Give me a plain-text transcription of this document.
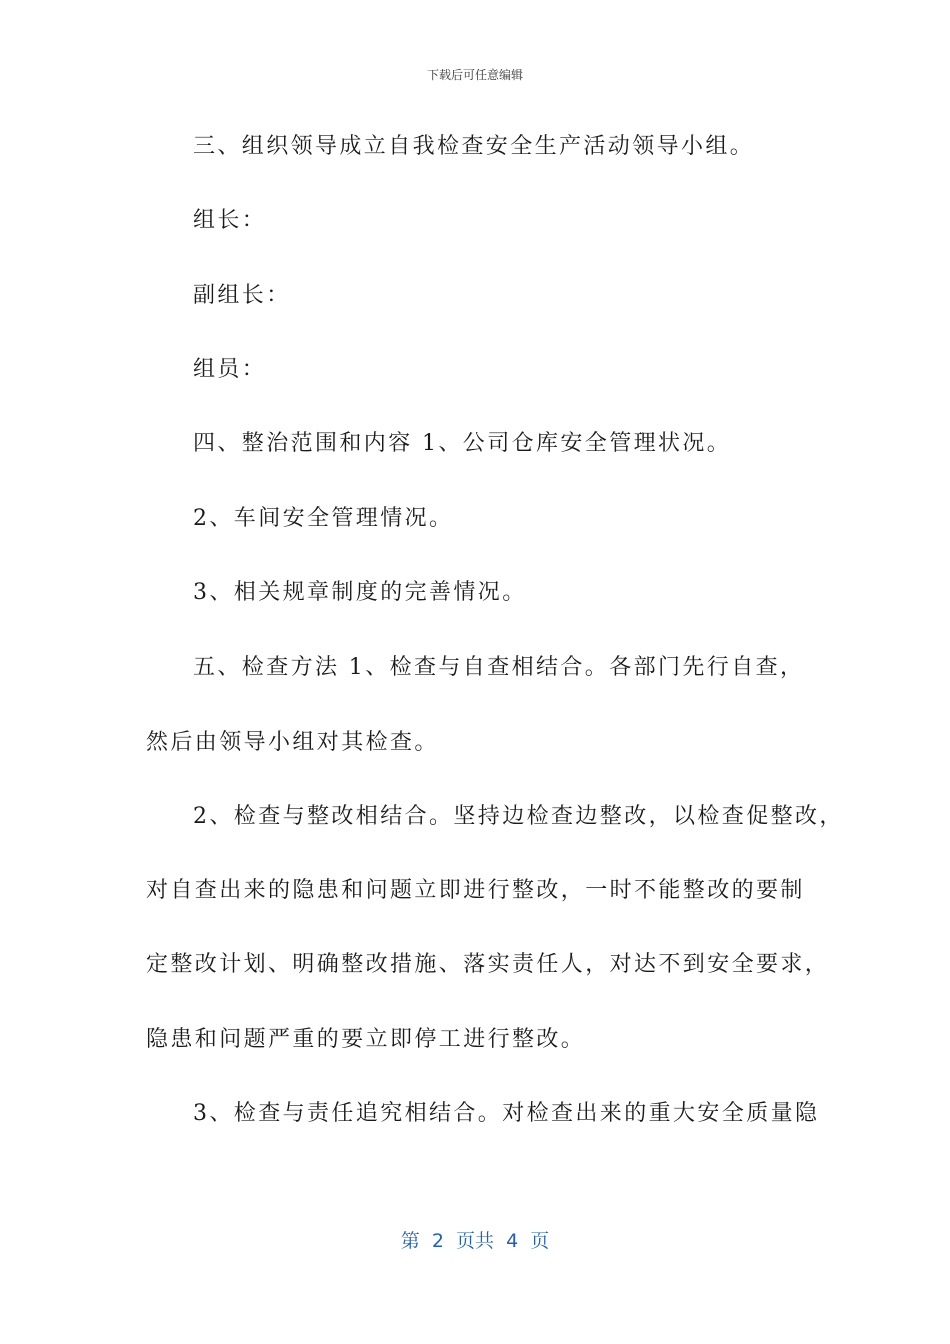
下载后可任意编辑
三、组织领导成立自我检查安全生产活动领导小组。
组长：
副组长：
组员：
四、整治范围和内容 1、公司仓库安全管理状况。
2、车间安全管理情况。
3、相关规章制度的完善情况。
五、检查方法 1、检查与自查相结合。各部门先行自查，
然后由领导小组对其检查。
2、检查与整改相结合。坚持边检查边整改，以检查促整改，
对自查出来的隐患和问题立即进行整改，一时不能整改的要制
定整改计划、明确整改措施、落实责任人，对达不到安全要求，
隐患和问题严重的要立即停工进行整改。
3、检查与责任追究相结合。对检查出来的重大安全质量隐
第  2  页共  4  页
